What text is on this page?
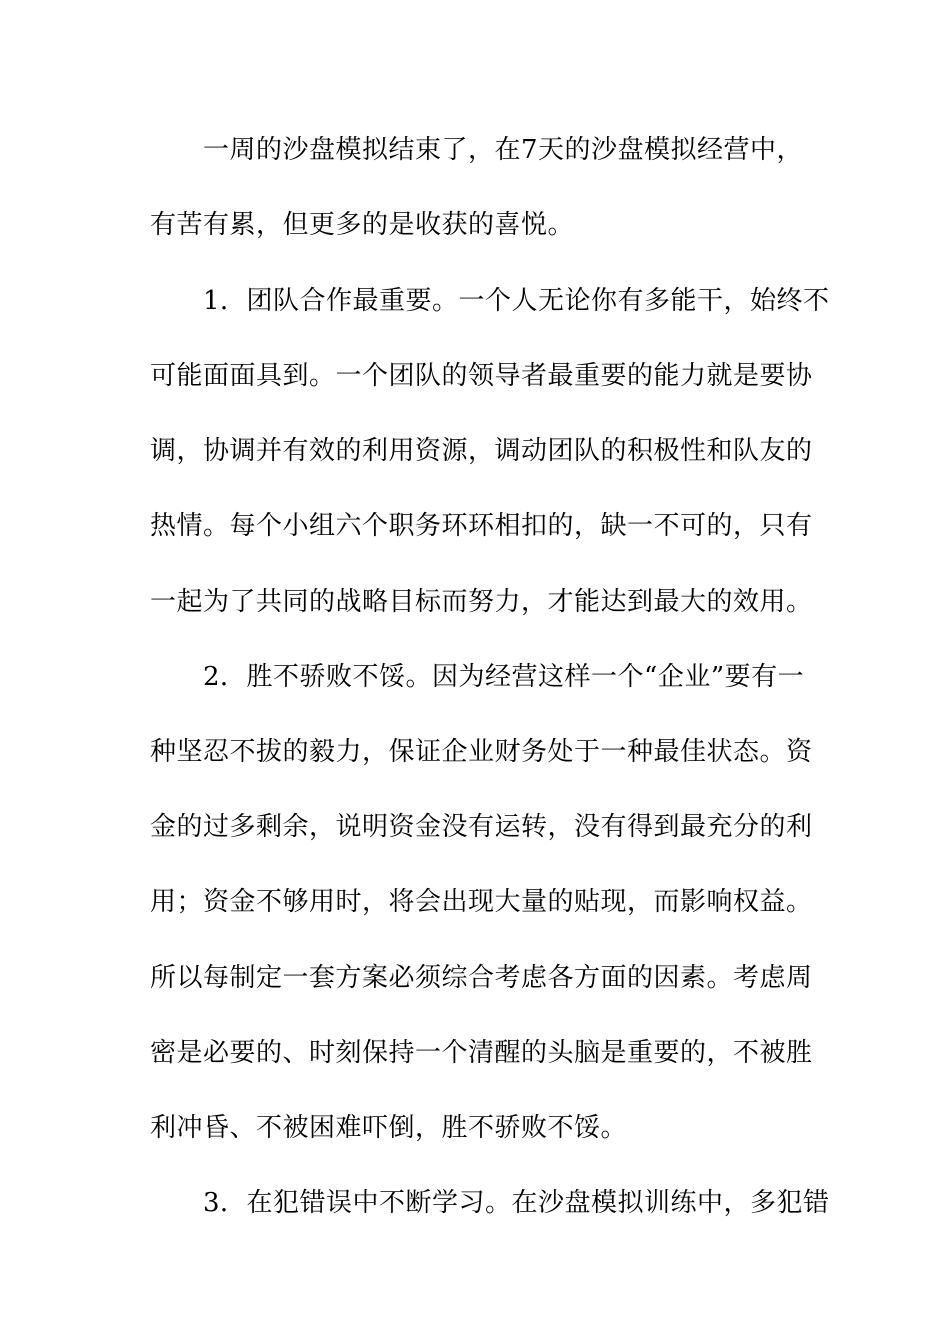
一周的沙盘模拟结束了，在7天的沙盘模拟经营中，
有苦有累，但更多的是收获的喜悦。
1．团队合作最重要。一个人无论你有多能干，始终不
可能面面具到。一个团队的领导者最重要的能力就是要协
调，协调并有效的利用资源，调动团队的积极性和队友的
热情。每个小组六个职务环环相扣的，缺一不可的，只有
一起为了共同的战略目标而努力，才能达到最大的效用。
2．胜不骄败不馁。因为经营这样一个“企业”要有一
种坚忍不拔的毅力，保证企业财务处于一种最佳状态。资
金的过多剩余，说明资金没有运转，没有得到最充分的利
用；资金不够用时，将会出现大量的贴现，而影响权益。
所以每制定一套方案必须综合考虑各方面的因素。考虑周
密是必要的、时刻保持一个清醒的头脑是重要的，不被胜
利冲昏、不被困难吓倒，胜不骄败不馁。
3．在犯错误中不断学习。在沙盘模拟训练中，多犯错
